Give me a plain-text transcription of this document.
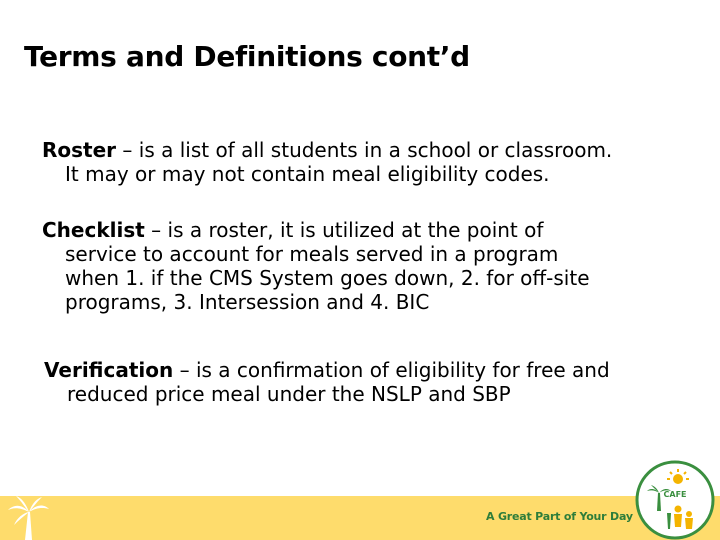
Terms and Definitions cont’d
Roster – is a list of all students in a school or classroom.
It may or may not contain meal eligibility codes.
Checklist – is a roster, it is utilized at the point of
service to account for meals served in a program
when 1. if the CMS System goes down, 2. for off-site
programs, 3. Intersession and 4. BIC
Verification – is a confirmation of eligibility for free and
reduced price meal under the NSLP and SBP
A Great Part of Your Day
CAFE
